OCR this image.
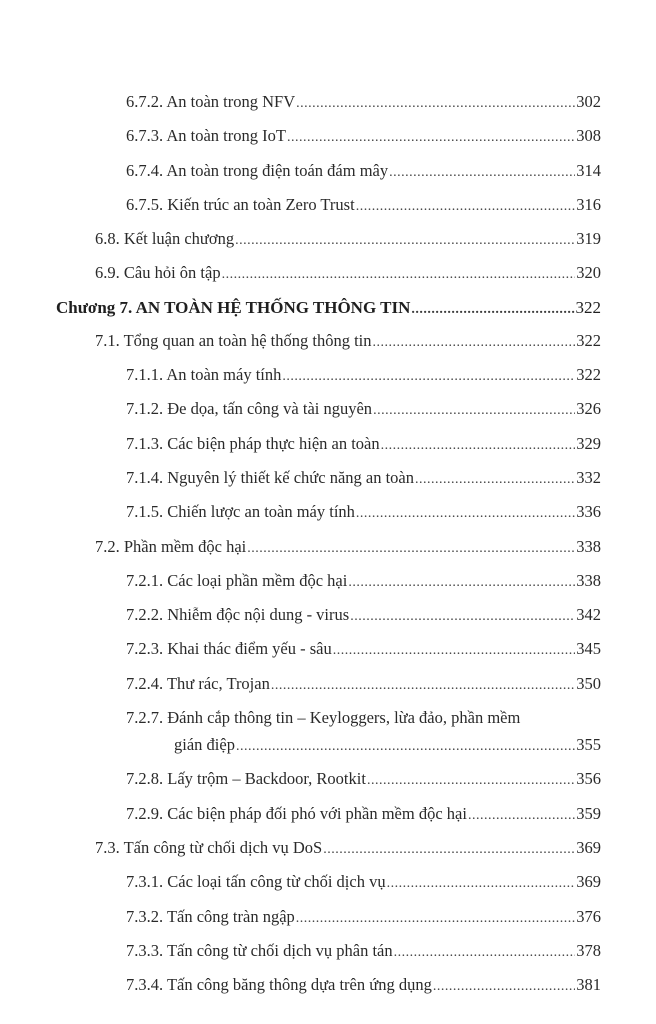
6.7.2. An toàn trong NFV .....	302
6.7.3. An toàn trong IoT .....	308
6.7.4. An toàn trong điện toán đám mây .....	314
6.7.5. Kiến trúc an toàn Zero Trust .....	316
6.8. Kết luận chương .....	319
6.9. Câu hỏi ôn tập .....	320
Chương 7. AN TOÀN HỆ THỐNG THÔNG TIN .....	322
7.1. Tổng quan an toàn hệ thống thông tin .....	322
7.1.1. An toàn máy tính .....	322
7.1.2. Đe dọa, tấn công và tài nguyên .....	326
7.1.3. Các biện pháp thực hiện an toàn .....	329
7.1.4. Nguyên lý thiết kế chức năng an toàn .....	332
7.1.5. Chiến lược an toàn máy tính .....	336
7.2. Phần mềm độc hại .....	338
7.2.1. Các loại phần mềm độc hại .....	338
7.2.2. Nhiễm độc nội dung - virus .....	342
7.2.3. Khai thác điểm yếu - sâu .....	345
7.2.4. Thư rác, Trojan .....	350
7.2.7. Đánh cắp thông tin – Keyloggers, lừa đảo, phần mềm
gián điệp .....	355
7.2.8. Lấy trộm – Backdoor, Rootkit .....	356
7.2.9. Các biện pháp đối phó với phần mềm độc hại .....	359
7.3. Tấn công từ chối dịch vụ DoS .....	369
7.3.1. Các loại tấn công từ chối dịch vụ .....	369
7.3.2. Tấn công tràn ngập .....	376
7.3.3. Tấn công từ chối dịch vụ phân tán .....	378
7.3.4. Tấn công băng thông dựa trên ứng dụng .....	381
